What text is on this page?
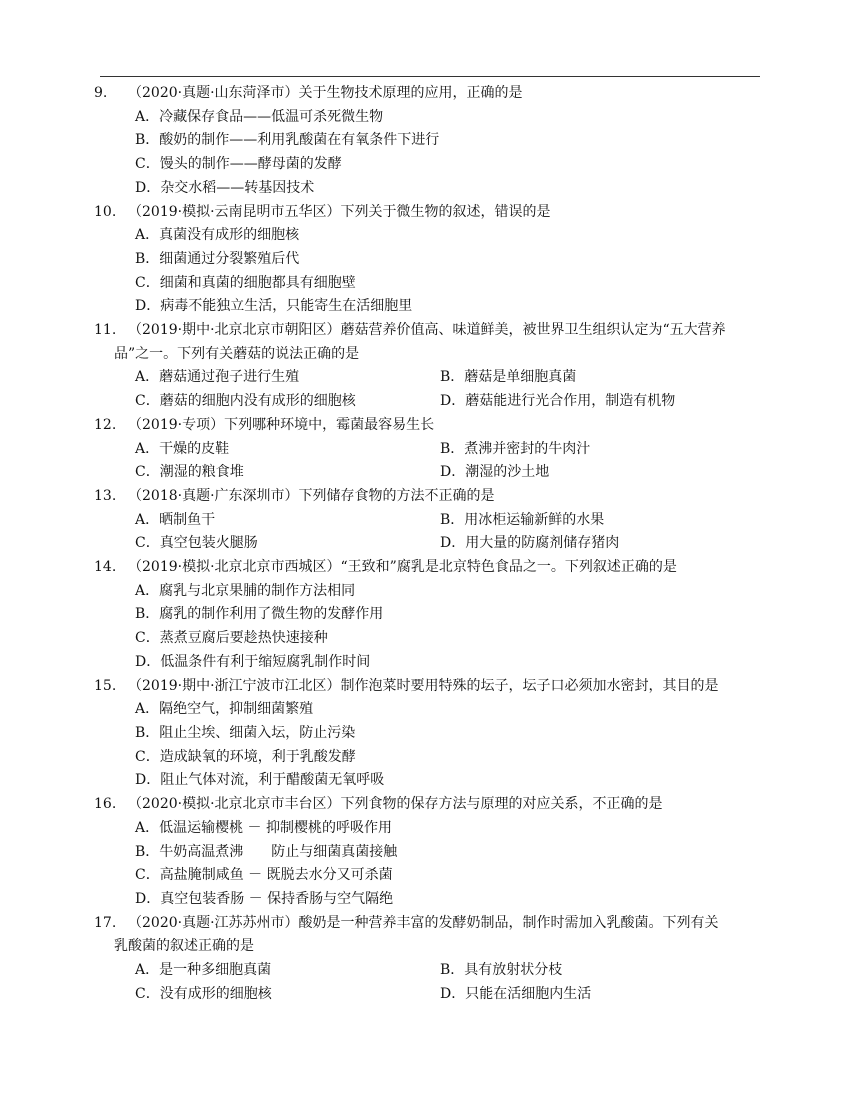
9.	（2020·真题·山东菏泽市）关于生物技术原理的应用，正确的是
A．冷藏保存食品——低温可杀死微生物
B．酸奶的制作——利用乳酸菌在有氧条件下进行
C．馒头的制作——酵母菌的发酵
D．杂交水稻——转基因技术
10. （2019·模拟·云南昆明市五华区）下列关于微生物的叙述，错误的是
A．真菌没有成形的细胞核
B．细菌通过分裂繁殖后代
C．细菌和真菌的细胞都具有细胞壁
D．病毒不能独立生活，只能寄生在活细胞里
11. （2019·期中·北京北京市朝阳区）蘑菇营养价值高、味道鲜美，被世界卫生组织认定为“五大营养
品”之一。下列有关蘑菇的说法正确的是
A．蘑菇通过孢子进行生殖	B．蘑菇是单细胞真菌
C．蘑菇的细胞内没有成形的细胞核	D．蘑菇能进行光合作用，制造有机物
12. （2019·专项）下列哪种环境中，霉菌最容易生长
A．干燥的皮鞋	B．煮沸并密封的牛肉汁
C．潮湿的粮食堆	D．潮湿的沙土地
13. （2018·真题·广东深圳市）下列储存食物的方法不正确的是
A．晒制鱼干	B．用冰柜运输新鲜的水果
C．真空包装火腿肠	D．用大量的防腐剂储存猪肉
14. （2019·模拟·北京北京市西城区）“王致和”腐乳是北京特色食品之一。下列叙述正确的是
A．腐乳与北京果脯的制作方法相同
B．腐乳的制作利用了微生物的发酵作用
C．蒸煮豆腐后要趁热快速接种
D．低温条件有利于缩短腐乳制作时间
15. （2019·期中·浙江宁波市江北区）制作泡菜时要用特殊的坛子，坛子口必须加水密封，其目的是
A．隔绝空气，抑制细菌繁殖
B．阻止尘埃、细菌入坛，防止污染
C．造成缺氧的环境，利于乳酸发酵
D．阻止气体对流，利于醋酸菌无氧呼吸
16. （2020·模拟·北京北京市丰台区）下列食物的保存方法与原理的对应关系，不正确的是
A．低温运输樱桃 － 抑制樱桃的呼吸作用
B．牛奶高温煮沸　　防止与细菌真菌接触
C．高盐腌制咸鱼 － 既脱去水分又可杀菌
D．真空包装香肠 － 保持香肠与空气隔绝
17. （2020·真题·江苏苏州市）酸奶是一种营养丰富的发酵奶制品，制作时需加入乳酸菌。下列有关
乳酸菌的叙述正确的是
A．是一种多细胞真菌	B．具有放射状分枝
C．没有成形的细胞核	D．只能在活细胞内生活
